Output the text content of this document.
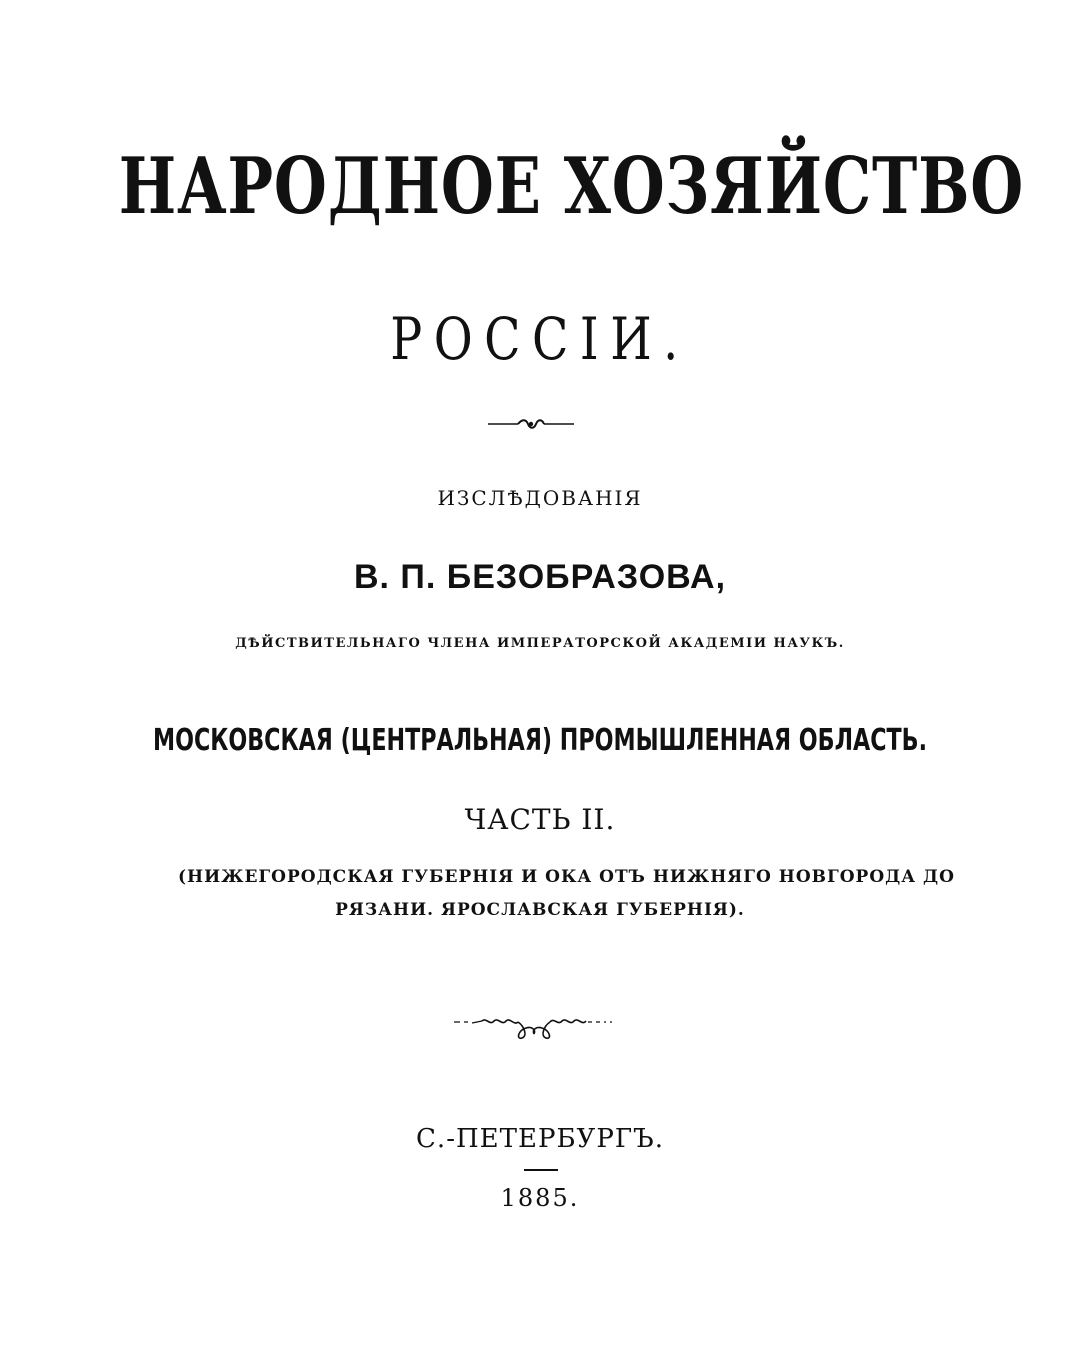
НАРОДНОЕ ХОЗЯЙСТВО
РОССІИ.
ИЗСЛѢДОВАНІЯ
В. П. БЕЗОБРАЗОВА,
ДѢЙСТВИТЕЛЬНАГО ЧЛЕНА ИМПЕРАТОРСКОЙ АКАДЕМІИ НАУКЪ.
МОСКОВСКАЯ (ЦЕНТРАЛЬНАЯ) ПРОМЫШЛЕННАЯ ОБЛАСТЬ.
ЧАСТЬ II.
(НИЖЕГОРОДСКАЯ ГУБЕРНІЯ И ОКА ОТЪ НИЖНЯГО НОВГОРОДА ДО
РЯЗАНИ. ЯРОСЛАВСКАЯ ГУБЕРНІЯ).
С.-ПЕТЕРБУРГЪ.
1885.
